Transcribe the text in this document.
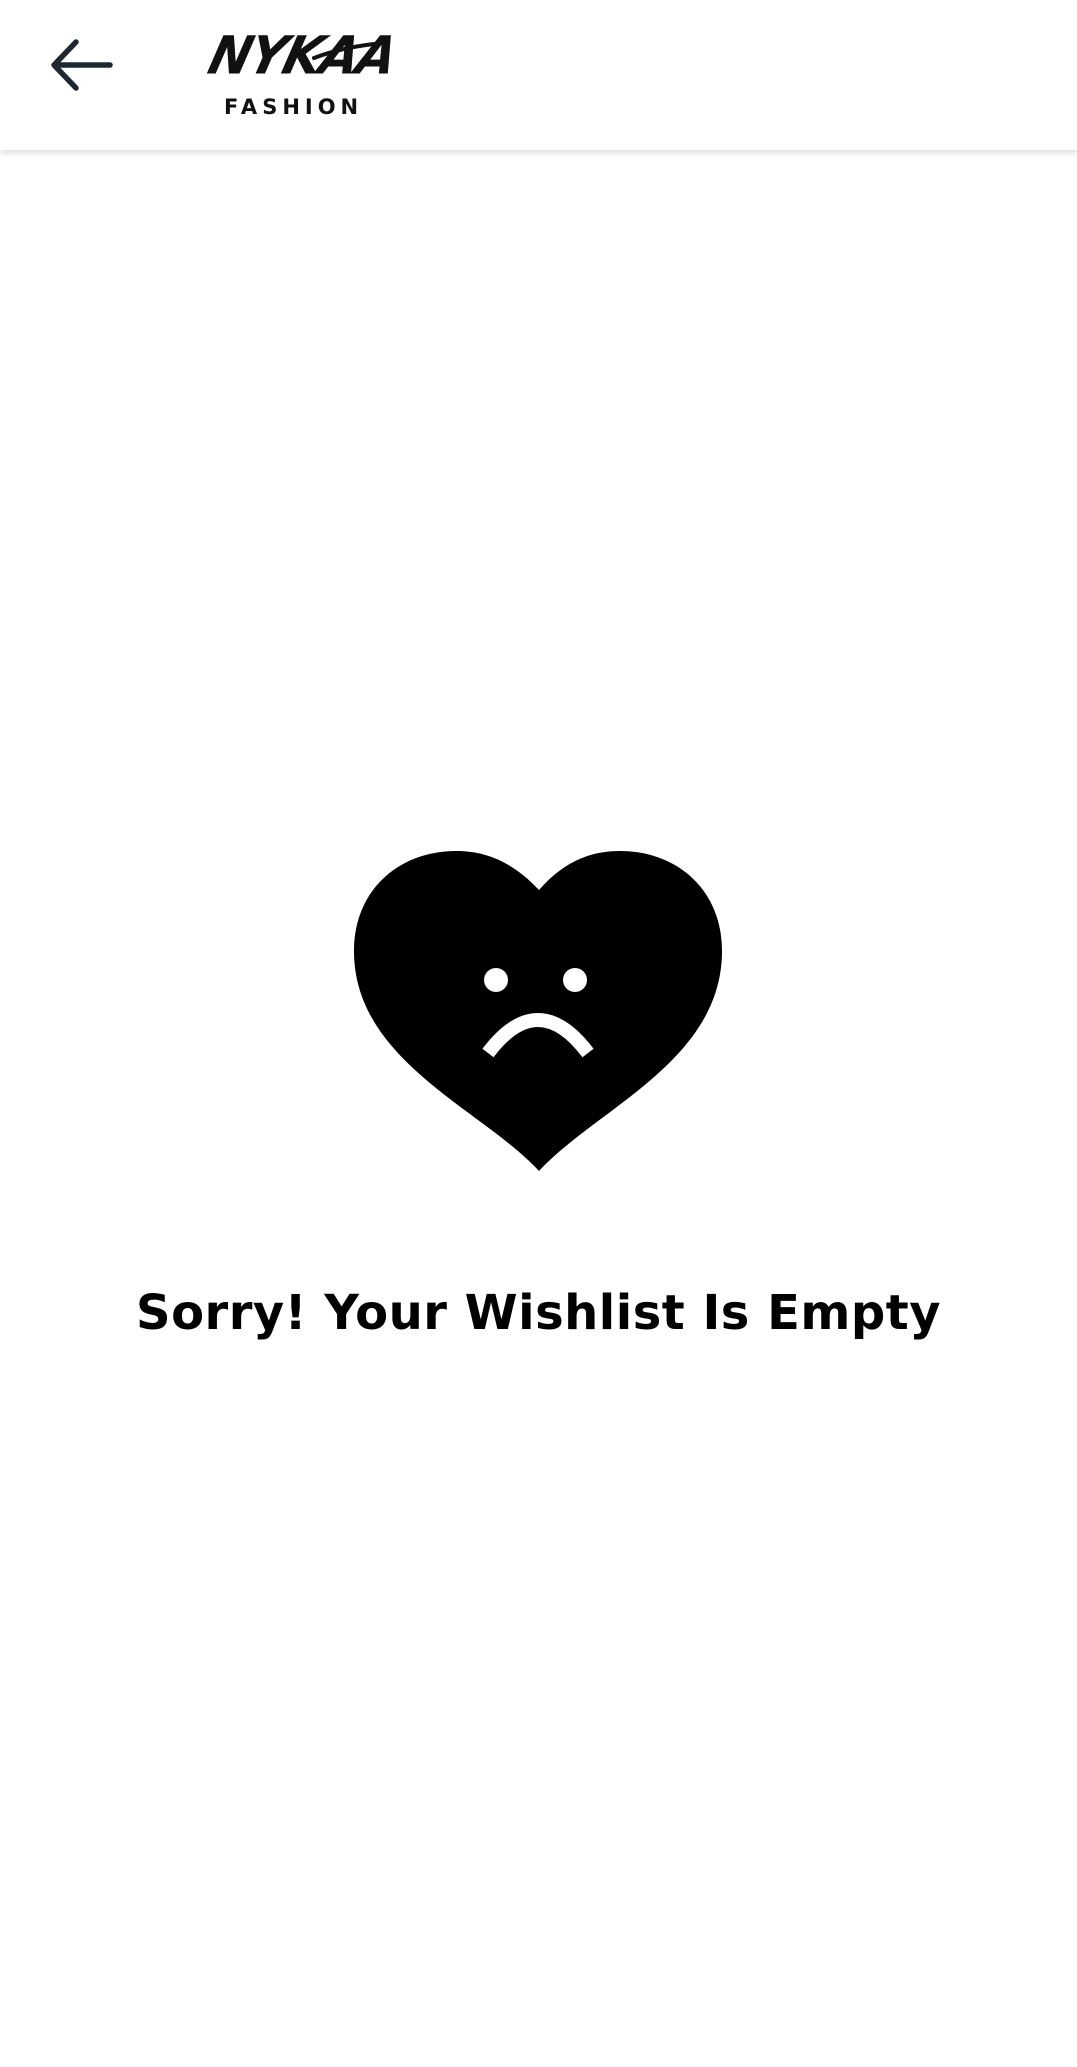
NYKAA
FASHION
Sorry! Your Wishlist Is Empty
